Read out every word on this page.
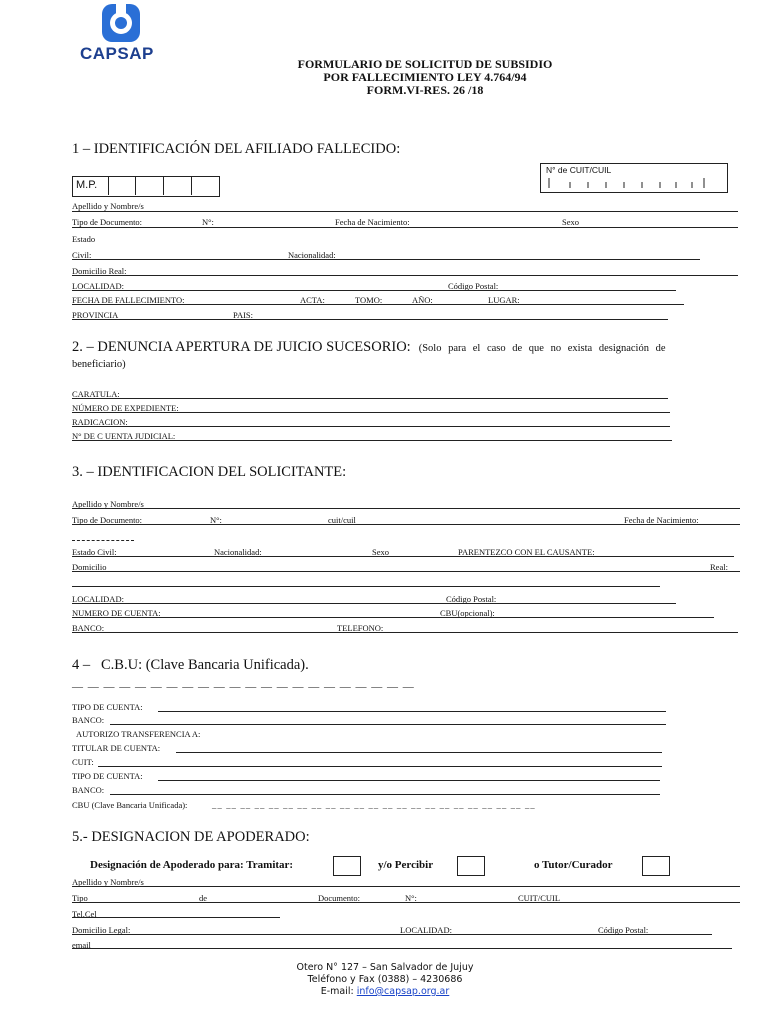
CAPSAP
FORMULARIO DE SOLICITUD DE SUBSIDIO
POR FALLECIMIENTO LEY 4.764/94
FORM.VI-RES. 26 /18
1 – IDENTIFICACIÓN DEL AFILIADO FALLECIDO:
N° de CUIT/CUIL
M.P.
Apellido y Nombre/s
Tipo de Documento:	N°:	Fecha de Nacimiento:	Sexo
Estado
Civil:	Nacionalidad:
Domicilio Real:
LOCALIDAD:	Código Postal:
FECHA DE FALLECIMIENTO:	ACTA:	TOMO:	AÑO:	LUGAR:
PROVINCIA	PAIS:
2. – DENUNCIA APERTURA DE JUICIO SUCESORIO: (Solo para el caso de que no exista designación de
beneficiario)
CARATULA:
NÚMERO DE EXPEDIENTE:
RADICACION:
N° DE C UENTA JUDICIAL:
3. – IDENTIFICACION DEL SOLICITANTE:
Apellido y Nombre/s
Tipo de Documento:	N°:	cuit/cuil	Fecha de Nacimiento:
Estado Civil:	Nacionalidad:	Sexo	PARENTEZCO CON EL CAUSANTE:
Domicilio	Real:
LOCALIDAD:	Código Postal:
NUMERO DE CUENTA:	CBU(opcional):
BANCO:	TELEFONO:
4 –   C.B.U: (Clave Bancaria Unificada).
— — — — — — — — — — — — — — — — — — — — — —
TIPO DE CUENTA:
BANCO:
AUTORIZO TRANSFERENCIA A:
TITULAR DE CUENTA:
CUIT:
TIPO DE CUENTA:
BANCO:
CBU (Clave Bancaria Unificada):	__ __ __ __ __ __ __ __ __ __ __ __ __ __ __ __ __ __ __ __ __ __ __
5.- DESIGNACION DE APODERADO:
Designación de Apoderado para: Tramitar:	y/o Percibir	o Tutor/Curador
Apellido y Nombre/s
Tipo	de	Documento:	N°:	CUIT/CUIL
Tel.Cel
Domicilio Legal:	LOCALIDAD:	Código Postal:
email
Otero N° 127 – San Salvador de Jujuy
Teléfono y Fax (0388) – 4230686
E-mail: info@capsap.org.ar
